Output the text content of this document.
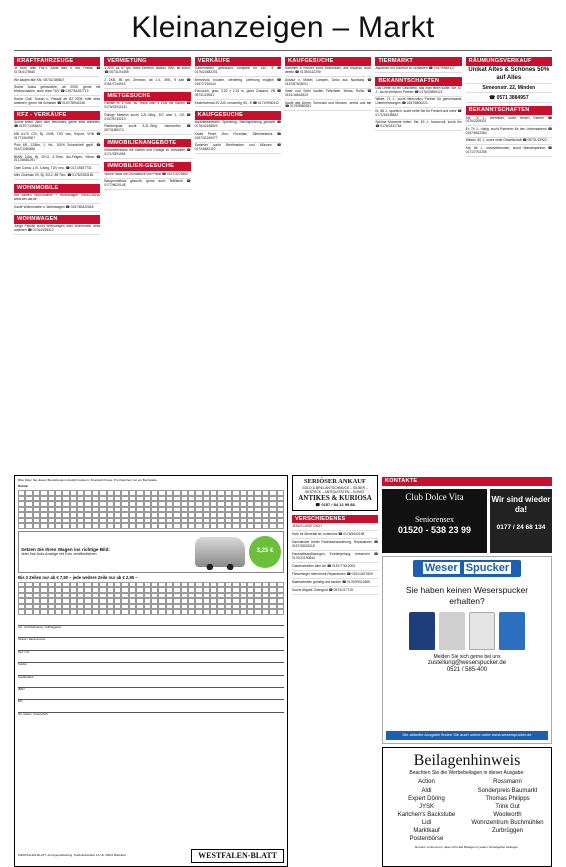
Kleinanzeigen – Markt
KRAFTFAHRZEUGE
Je Auto, aller Fhz.v. Zahle faire u. bar. Preise. ☎ 0178/4175540
Wir kaufen alle Kfz. 05731/186827
Suche Autos gebrauchte, ab 2005, gerne mit Motorschaden, auch ohne TÜV ☎ 0157/51287713
Suche Golf, Touran u. Passat ab BJ 2005, bitte alles anbieten, gerne mit Schäden ☎ 0157/78942246
KFZ - VERKÄUFE
Suche ehem. Alter oder Mercedes, gerne alles anbieten, ☎ 0157/71345522
MB A170 CDI, Bj. 2008, TÜV neu, Export, VHB ☎ 01771/649307
Polo 6R, 12/Bm, 1. Hd., 100% Scheckheft gepfl. ☎ 0157/1284466
BMW 116d, Bj. 2013, 3-Türer, Alu-Felgen, Klima ☎ 0172/6681291
Opel Corsa, 1.0l, 3-türig, TÜV neu, ☎ 0171/5527731
Mini Clubman 09, Bj. 2012, 88 Tkm, ☎ 0176/2283165
WOHNMOBILE
Wir kaufen Wohnmobile + Wohnwagen 03944-36160 www.wm-aw.de
Kaufe Wohnmobile u. Wohnwagen ☎ 0157/83422618
WOHNWAGEN
Junge Familie sucht Wohnwagen oder Wohnmobil, alles anbieten ☎ 0176/2155312
VERMIETUNG
3 ZKB, ca. 67 qm, Nähe Zentrum, Balkon, EBK, ab sofort, ☎ 05731/24459
2 ZKB, 55 qm, Zentrum, ab 1.4., 395,- € kalt ☎ 0151/2744913
MIETGESUCHE
Familie m. 2 Kdn. su. Haus oder 4 ZKB mit Garten ☎ 0176/22911431
Ruhige Mieterin sucht 2-Zi.-Whg., EG oder 1. OG ☎ 0157/8733210
Rentnerpaar sucht 3-Zi.-Whg., barrierefrei ☎ 05731/88174
IMMOBILIENANGEBOTE
Einfamilienhaus mit Garten und Garage zu verkaufen ☎ 0171/3391054
IMMOBILIEN-GESUCHE
Suche Haus mit Grundstück von Privat ☎ 0157/3276600
Baugrundstück gesucht, gerne auch Teilfläche ☎ 0177/6620148
VERKÄUFE
Gartenmöbel, gebraucht, komplett für 150,- € ☎ 0176/24482201
Brennholz, trocken, ofenfertig, Lieferung möglich ☎ 0157/7210044
Eckcouch, grau, 3,20 x 2,10 m, guter Zustand, VB ☎ 05731/22081
Kinderfahrrad 20 Zoll, neuwertig, 60,- € ☎ 0171/9930412
KAUFGESUCHE
Modelleisenbahn, Spielzeug, Blechspielzeug gesucht ☎ 0176/42198820
Kaufe Pelze, Zinn, Porzellan, Silberbesteck ☎ 0157/31240077
Sammler sucht Briefmarken und Münzen ☎ 0172/8842110
KAUFGESUCHE
Sammler & Kenner sucht Motorräder, alte Mopeds, auch defekt ☎ 0178/6112290
Ankauf v. Möbel, Lampen, Deko aus Nachlass ☎ 0157/87634001
Vater und Sohn kaufen Fahrräder, Mofas, Roller ☎ 0151/16644923
Kaufe alte Uhren, Schmuck und Münzen, seriös und fair ☎ 0176/5580331
TIERMARKT
Aquarium mit Zubehör zu verkaufen ☎ 0157/9982417
BEKANNTSCHAFTEN
Das Leben ist ein Geschenk, das man teilen sollte. Sie, 67 J., sucht ehrlichen Partner ☎ 0176/33890122
Witwe, 71 J., sucht liebevollen Partner für gemeinsame Unternehmungen ☎ 0157/8800221
Er, 58 J., sportlich, sucht nette Sie für Freizeit und mehr ☎ 0171/44038812
Schöne Momente teilen: Sie, 63 J., humorvoll, sucht Ihn ☎ 0176/2331764
RÄUMUNGSVERKAUF
Unikat Altes & Schönes 50% auf Alles
Simeonstr. 22, Minden
☎ 0571 3884957
BEKANNTSCHAFTEN
Sie, 70 J., verwitwet, sucht treuen Partner ☎ 0176/2209311
Er, 74 J., rüstig, sucht Partnerin für den Lebensabend ☎ 0157/6612384
Witwer, 80 J., sucht nette Gesellschaft ☎ 05731/19922
Sie, 66 J., naturverbunden, sucht Wanderpartner ☎ 0171/7702255
Bitte füllen Sie diesen Bestellcoupon deutlich lesbar in Druckschrift aus. Pro Kästchen nur ein Buchstabe.
Rubrik:
Setzen Sie Ihren Wagen ins richtige Bild:
Jetzt Ihre Auto-Anzeige mit Foto veröffentlichen
3,25 €
Bis 3 Zeilen nur ab € 7,90 – jede weitere Zeile nur ab € 2,95 –
Vor- und Nachname / Auftraggeber
Straße / Hausnummer
PLZ / Ort
Telefon
Kreditinstitut
IBAN
BIC
Ort, Datum, Unterschrift
WESTFALEN-BLATT, Anzeigenabteilung, Sudbrackstraße 14-18, 33611 Bielefeld	WESTFALEN-BLATT
SERIÖSER ANKAUF
GOLD & BRILLANTSCHMUCK – SILBER – BESTECK – ANTIQUITÄTEN – KUNST
ANTIKES & KURIOSA
☎ 0157 / 84 12 99 88
VERSCHIEDENES
JESUS LIEBT DICH
Hole Ihr Altmetall ab, kostenlos ☎ 0176/5442198
Dachdecker bietet Flachdachsanierung, Reparaturen ☎ 0157/28033115
Haushaltsauflösungen, Entrümpelung, besenrein ☎ 0176/22190844
Gartenarbeiten aller Art ☎ 0157/77612003
Fliesenleger übernimmt Reparaturen ☎ 0151/4427809
Malerarbeiten günstig und sauber ☎ 0176/99012655
Suche Altgold, Zahngold ☎ 05731/17725
KONTAKTE
Club Dolce Vita
Seniorensex
01520 - 538 23 99
Wir sind wieder da!
0177 / 24 68 134
Weser Spucker
Sie haben keinen Weserspucker erhalten?
Melden Sie sich gerne bei uns
zustellung@weserspucker.de
0521 / 585-400
Die aktuelle Ausgabe finden Sie auch online unter www.weserspucker.de
Beilagenhinweis
Beachten Sie die Werbebeilagen in dieser Ausgabe:
Action	Rossmann
Aldi	Sonderpreis Baumarkt
Expert Döring	Thomas Philipps
JYSK	Trink Gut
Karlchen's Backstube	Woolworth
Lidl	Wohnzentrum Buchmühlen
Marktkauf	Zurbrüggen
Postenbörse
Es kann vorkommen, dass nicht alle Beilagen in jedem Verteilgebiet beiliegen.
